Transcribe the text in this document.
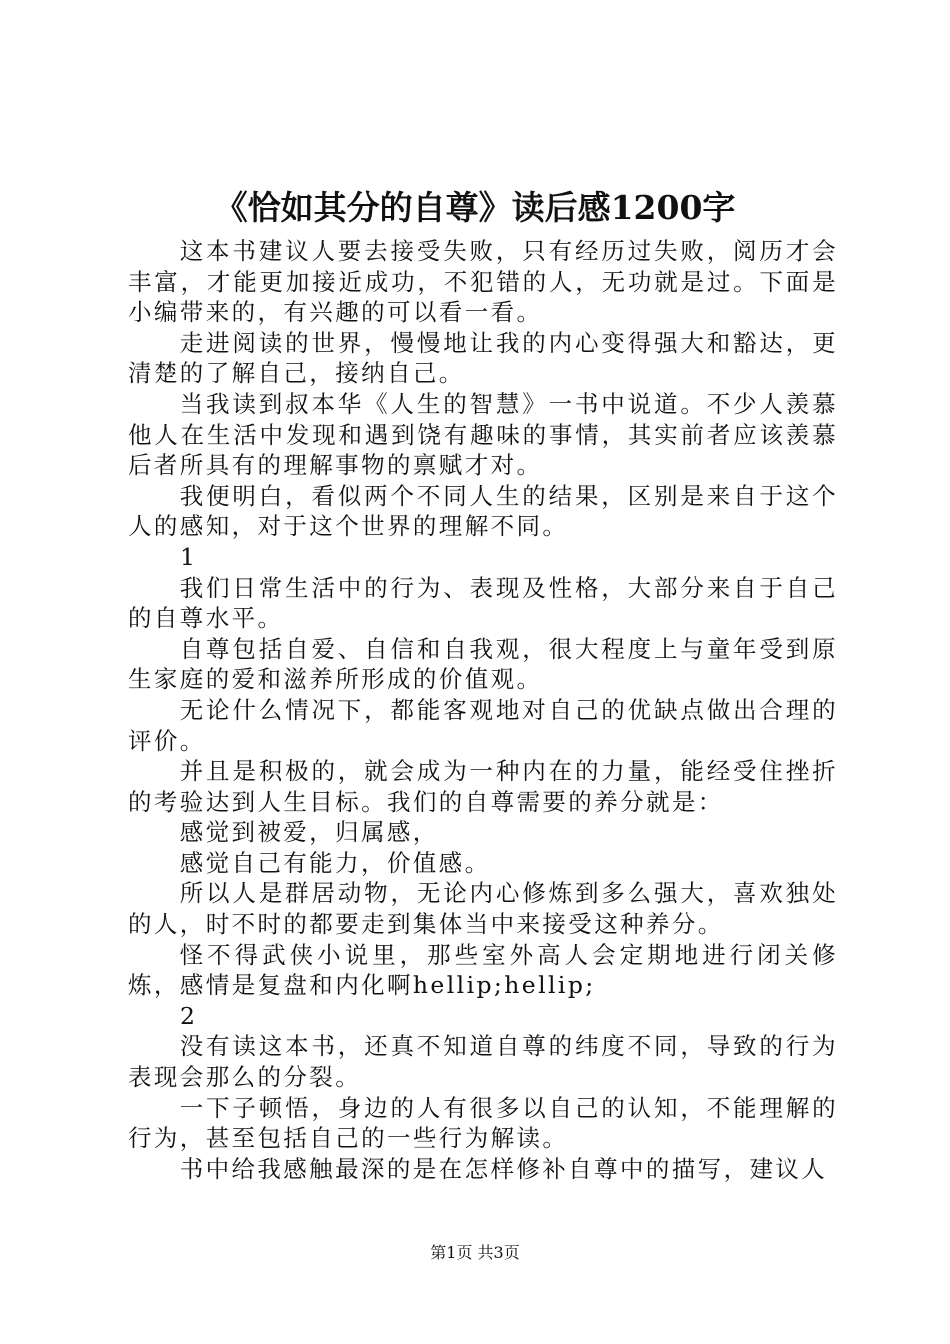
《恰如其分的自尊》读后感1200字

这本书建议人要去接受失败，只有经历过失败，阅历才会丰富，才能更加接近成功，不犯错的人，无功就是过。下面是小编带来的，有兴趣的可以看一看。

走进阅读的世界，慢慢地让我的内心变得强大和豁达，更清楚的了解自己，接纳自己。

当我读到叔本华《人生的智慧》一书中说道。不少人羡慕他人在生活中发现和遇到饶有趣味的事情，其实前者应该羡慕后者所具有的理解事物的禀赋才对。

我便明白，看似两个不同人生的结果，区别是来自于这个人的感知，对于这个世界的理解不同。

1

我们日常生活中的行为、表现及性格，大部分来自于自己的自尊水平。

自尊包括自爱、自信和自我观，很大程度上与童年受到原生家庭的爱和滋养所形成的价值观。

无论什么情况下，都能客观地对自己的优缺点做出合理的评价。

并且是积极的，就会成为一种内在的力量，能经受住挫折的考验达到人生目标。我们的自尊需要的养分就是：

感觉到被爱，归属感，

感觉自己有能力，价值感。

所以人是群居动物，无论内心修炼到多么强大，喜欢独处的人，时不时的都要走到集体当中来接受这种养分。

怪不得武侠小说里，那些室外高人会定期地进行闭关修炼，感情是复盘和内化啊hellip;hellip;

2

没有读这本书，还真不知道自尊的纬度不同，导致的行为表现会那么的分裂。

一下子顿悟，身边的人有很多以自己的认知，不能理解的行为，甚至包括自己的一些行为解读。

书中给我感触最深的是在怎样修补自尊中的描写，建议人

第1页 共3页
